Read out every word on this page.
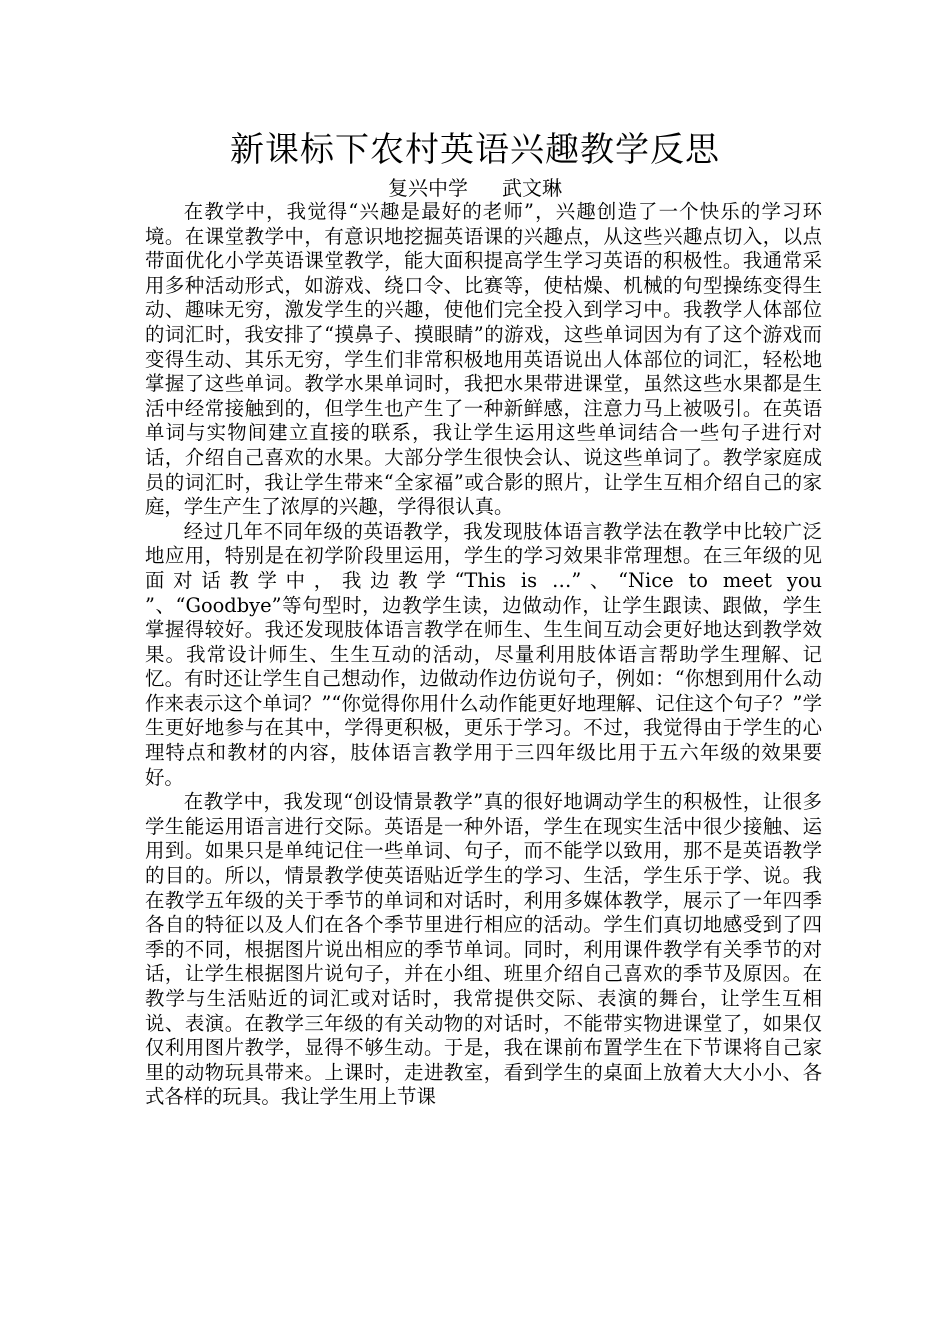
新课标下农村英语兴趣教学反思
复兴中学 武文琳

在教学中，我觉得“兴趣是最好的老师”，兴趣创造了一个快乐的学习环境。在课堂教学中，有意识地挖掘英语课的兴趣点，从这些兴趣点切入，以点带面优化小学英语课堂教学，能大面积提高学生学习英语的积极性。我通常采用多种活动形式，如游戏、绕口令、比赛等，使枯燥、机械的句型操练变得生动、趣味无穷，激发学生的兴趣，使他们完全投入到学习中。我教学人体部位的词汇时，我安排了“摸鼻子、摸眼睛”的游戏，这些单词因为有了这个游戏而变得生动、其乐无穷，学生们非常积极地用英语说出人体部位的词汇，轻松地掌握了这些单词。教学水果单词时，我把水果带进课堂，虽然这些水果都是生活中经常接触到的，但学生也产生了一种新鲜感，注意力马上被吸引。在英语单词与实物间建立直接的联系，我让学生运用这些单词结合一些句子进行对话，介绍自己喜欢的水果。大部分学生很快会认、说这些单词了。教学家庭成员的词汇时，我让学生带来“全家福”或合影的照片，让学生互相介绍自己的家庭，学生产生了浓厚的兴趣，学得很认真。

经过几年不同年级的英语教学，我发现肢体语言教学法在教学中比较广泛地应用，特别是在初学阶段里运用，学生的学习效果非常理想。在三年级的见面对话教学中，我边教学“This is …”、“Nice to meet you ”、“Goodbye”等句型时，边教学生读，边做动作，让学生跟读、跟做，学生掌握得较好。我还发现肢体语言教学在师生、生生间互动会更好地达到教学效果。我常设计师生、生生互动的活动，尽量利用肢体语言帮助学生理解、记忆。有时还让学生自己想动作，边做动作边仿说句子，例如：“你想到用什么动作来表示这个单词？”“你觉得你用什么动作能更好地理解、记住这个句子？”学生更好地参与在其中，学得更积极，更乐于学习。不过，我觉得由于学生的心理特点和教材的内容，肢体语言教学用于三四年级比用于五六年级的效果要好。

在教学中，我发现“创设情景教学”真的很好地调动学生的积极性，让很多学生能运用语言进行交际。英语是一种外语，学生在现实生活中很少接触、运用到。如果只是单纯记住一些单词、句子，而不能学以致用，那不是英语教学的目的。所以，情景教学使英语贴近学生的学习、生活，学生乐于学、说。我在教学五年级的关于季节的单词和对话时，利用多媒体教学，展示了一年四季各自的特征以及人们在各个季节里进行相应的活动。学生们真切地感受到了四季的不同，根据图片说出相应的季节单词。同时，利用课件教学有关季节的对话，让学生根据图片说句子，并在小组、班里介绍自己喜欢的季节及原因。在教学与生活贴近的词汇或对话时，我常提供交际、表演的舞台，让学生互相说、表演。在教学三年级的有关动物的对话时，不能带实物进课堂了，如果仅仅利用图片教学，显得不够生动。于是，我在课前布置学生在下节课将自己家里的动物玩具带来。上课时，走进教室，看到学生的桌面上放着大大小小、各式各样的玩具。我让学生用上节课
